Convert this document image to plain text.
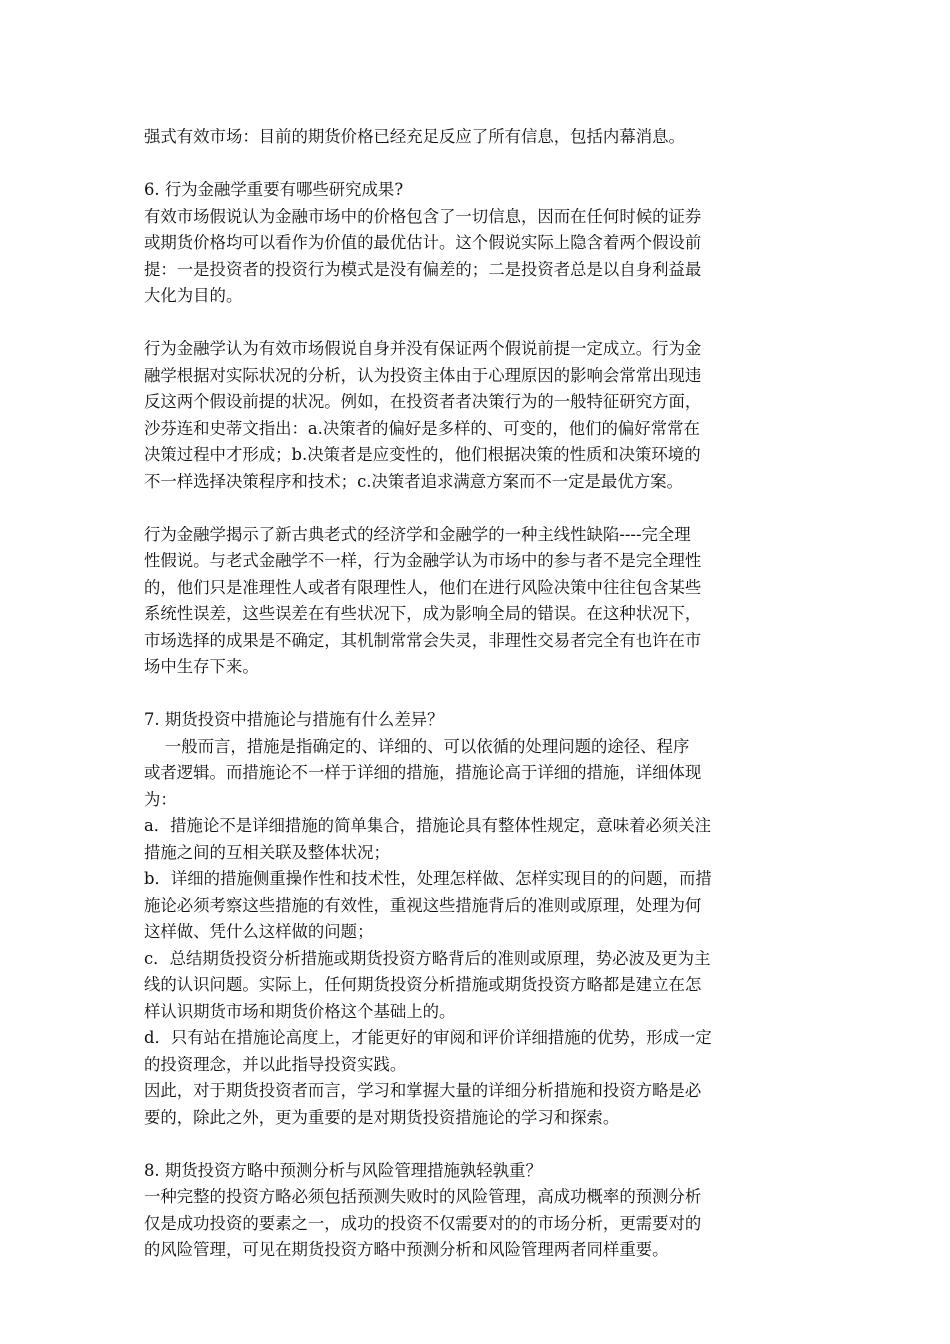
强式有效市场：目前的期货价格已经充足反应了所有信息，包括内幕消息。
6. 行为金融学重要有哪些研究成果?
有效市场假说认为金融市场中的价格包含了一切信息，因而在任何时候的证券
或期货价格均可以看作为价值的最优估计。这个假说实际上隐含着两个假设前
提：一是投资者的投资行为模式是没有偏差的；二是投资者总是以自身利益最
大化为目的。
行为金融学认为有效市场假说自身并没有保证两个假说前提一定成立。行为金
融学根据对实际状况的分析，认为投资主体由于心理原因的影响会常常出现违
反这两个假设前提的状况。例如，在投资者者决策行为的一般特征研究方面，
沙芬连和史蒂文指出：a.决策者的偏好是多样的、可变的，他们的偏好常常在
决策过程中才形成；b.决策者是应变性的，他们根据决策的性质和决策环境的
不一样选择决策程序和技术；c.决策者追求满意方案而不一定是最优方案。
行为金融学揭示了新古典老式的经济学和金融学的一种主线性缺陷----完全理
性假说。与老式金融学不一样，行为金融学认为市场中的参与者不是完全理性
的，他们只是准理性人或者有限理性人，他们在进行风险决策中往往包含某些
系统性误差，这些误差在有些状况下，成为影响全局的错误。在这种状况下，
市场选择的成果是不确定，其机制常常会失灵，非理性交易者完全有也许在市
场中生存下来。
7. 期货投资中措施论与措施有什么差异？
一般而言，措施是指确定的、详细的、可以依循的处理问题的途径、程序
或者逻辑。而措施论不一样于详细的措施，措施论高于详细的措施，详细体现
为：
a．措施论不是详细措施的简单集合，措施论具有整体性规定，意味着必须关注
措施之间的互相关联及整体状况；
b．详细的措施侧重操作性和技术性，处理怎样做、怎样实现目的的问题，而措
施论必须考察这些措施的有效性，重视这些措施背后的准则或原理，处理为何
这样做、凭什么这样做的问题；
c．总结期货投资分析措施或期货投资方略背后的准则或原理，势必波及更为主
线的认识问题。实际上，任何期货投资分析措施或期货投资方略都是建立在怎
样认识期货市场和期货价格这个基础上的。
d．只有站在措施论高度上，才能更好的审阅和评价详细措施的优势，形成一定
的投资理念，并以此指导投资实践。
因此，对于期货投资者而言，学习和掌握大量的详细分析措施和投资方略是必
要的，除此之外，更为重要的是对期货投资措施论的学习和探索。
8. 期货投资方略中预测分析与风险管理措施孰轻孰重？
一种完整的投资方略必须包括预测失败时的风险管理，高成功概率的预测分析
仅是成功投资的要素之一，成功的投资不仅需要对的的市场分析，更需要对的
的风险管理，可见在期货投资方略中预测分析和风险管理两者同样重要。
